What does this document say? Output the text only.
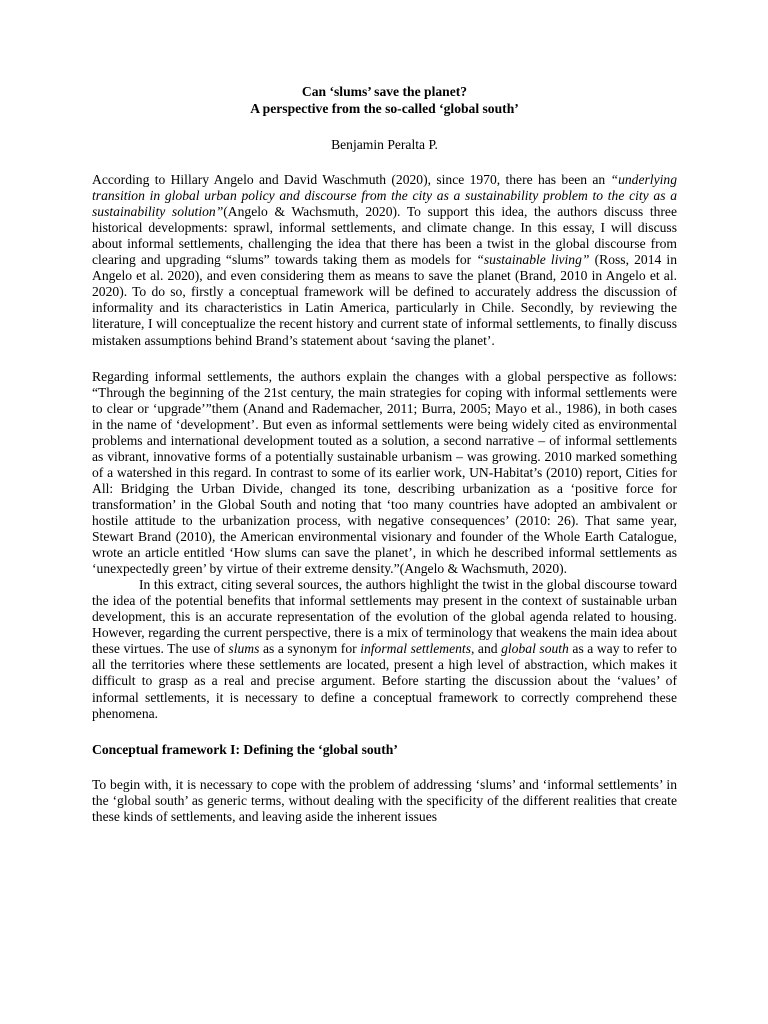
Can ‘slums’ save the planet?

A perspective from the so-called ‘global south’

Benjamin Peralta P.

According to Hillary Angelo and David Waschmuth (2020), since 1970, there has been an “underlying transition in global urban policy and discourse from the city as a sustainability problem to the city as a sustainability solution”(Angelo & Wachsmuth, 2020). To support this idea, the authors discuss three historical developments: sprawl, informal settlements, and climate change. In this essay, I will discuss about informal settlements, challenging the idea that there has been a twist in the global discourse from clearing and upgrading “slums” towards taking them as models for “sustainable living” (Ross, 2014 in Angelo et al. 2020), and even considering them as means to save the planet (Brand, 2010 in Angelo et al. 2020). To do so, firstly a conceptual framework will be defined to accurately address the discussion of informality and its characteristics in Latin America, particularly in Chile. Secondly, by reviewing the literature, I will conceptualize the recent history and current state of informal settlements, to finally discuss mistaken assumptions behind Brand’s statement about ‘saving the planet’.

Regarding informal settlements, the authors explain the changes with a global perspective as follows: “Through the beginning of the 21st century, the main strategies for coping with informal settlements were to clear or ‘upgrade’”them (Anand and Rademacher, 2011; Burra, 2005; Mayo et al., 1986), in both cases in the name of ‘development’. But even as informal settlements were being widely cited as environmental problems and international development touted as a solution, a second narrative – of informal settlements as vibrant, innovative forms of a potentially sustainable urbanism – was growing. 2010 marked something of a watershed in this regard. In contrast to some of its earlier work, UN-Habitat’s (2010) report, Cities for All: Bridging the Urban Divide, changed its tone, describing urbanization as a ‘positive force for transformation’ in the Global South and noting that ‘too many countries have adopted an ambivalent or hostile attitude to the urbanization process, with negative consequences’ (2010: 26). That same year, Stewart Brand (2010), the American environmental visionary and founder of the Whole Earth Catalogue, wrote an article entitled ‘How slums can save the planet’, in which he described informal settlements as ‘unexpectedly green’ by virtue of their extreme density.”(Angelo & Wachsmuth, 2020).

In this extract, citing several sources, the authors highlight the twist in the global discourse toward the idea of the potential benefits that informal settlements may present in the context of sustainable urban development, this is an accurate representation of the evolution of the global agenda related to housing. However, regarding the current perspective, there is a mix of terminology that weakens the main idea about these virtues. The use of slums as a synonym for informal settlements, and global south as a way to refer to all the territories where these settlements are located, present a high level of abstraction, which makes it difficult to grasp as a real and precise argument. Before starting the discussion about the ‘values’ of informal settlements, it is necessary to define a conceptual framework to correctly comprehend these phenomena.

Conceptual framework I: Defining the ‘global south’

To begin with, it is necessary to cope with the problem of addressing ‘slums’ and ‘informal settlements’ in the ‘global south’ as generic terms, without dealing with the specificity of the different realities that create these kinds of settlements, and leaving aside the inherent issues
